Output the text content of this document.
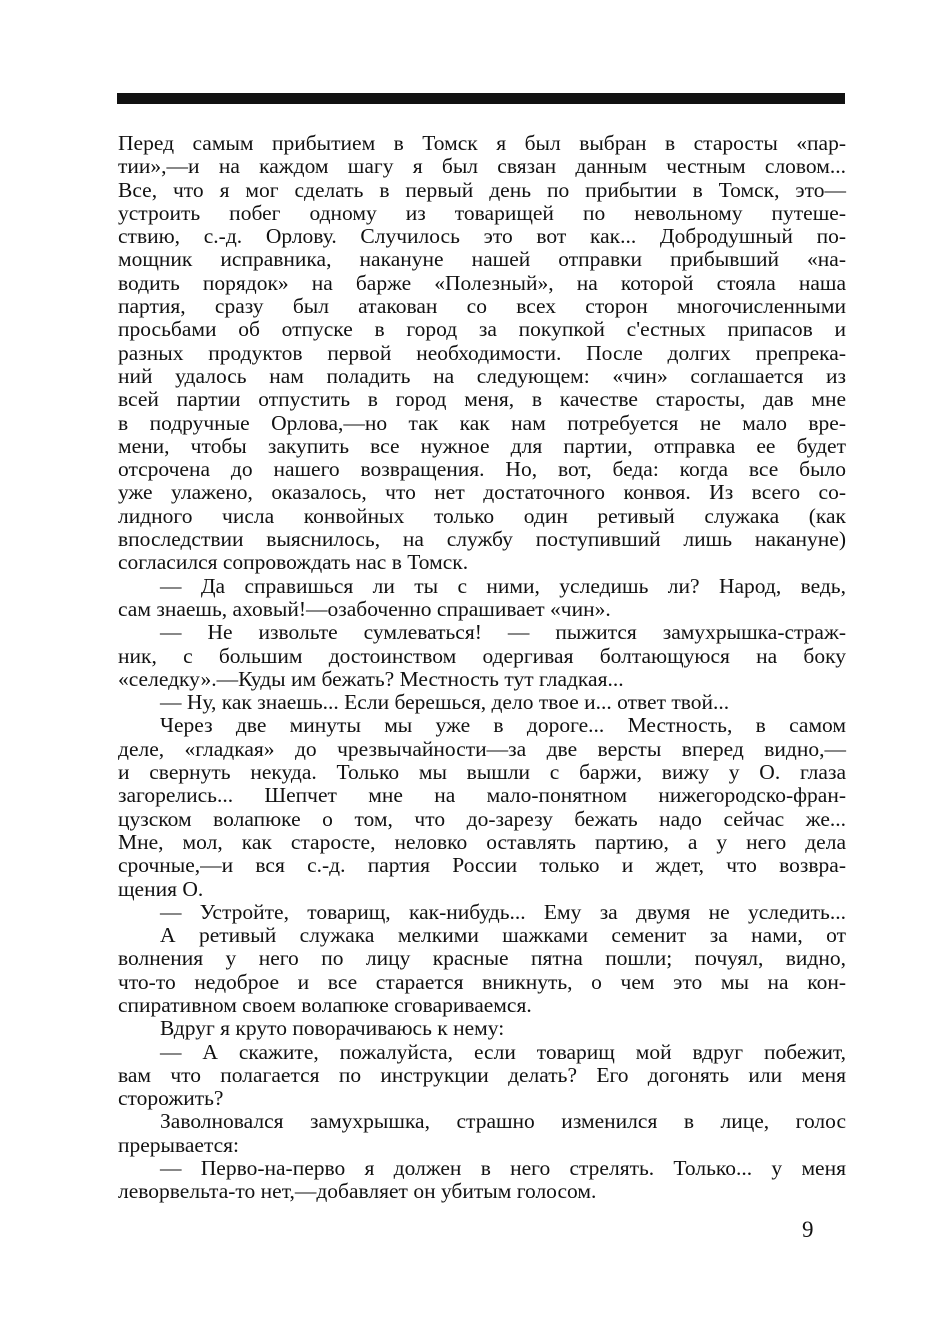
Перед самым прибытием в Томск я был выбран в старосты «пар-
тии»,—и на каждом шагу я был связан данным честным словом...
Все, что я мог сделать в первый день по прибытии в Томск, это—
устроить побег одному из товарищей по невольному путеше-
ствию, с.-д. Орлову. Случилось это вот как... Добродушный по-
мощник исправника, накануне нашей отправки прибывший «на-
водить порядок» на барже «Полезный», на которой стояла наша
партия, сразу был атакован со всех сторон многочисленными
просьбами об отпуске в город за покупкой с'естных припасов и
разных продуктов первой необходимости. После долгих препрека-
ний удалось нам поладить на следующем: «чин» соглашается из
всей партии отпустить в город меня, в качестве старосты, дав мне
в подручные Орлова,—но так как нам потребуется не мало вре-
мени, чтобы закупить все нужное для партии, отправка ее будет
отсрочена до нашего возвращения. Но, вот, беда: когда все было
уже улажено, оказалось, что нет достаточного конвоя. Из всего со-
лидного числа конвойных только один ретивый служака (как
впоследствии выяснилось, на службу поступивший лишь накануне)
согласился сопровождать нас в Томск.
— Да справишься ли ты с ними, уследишь ли? Народ, ведь,
сам знаешь, аховый!—озабоченно спрашивает «чин».
— Не извольте сумлеваться! — пыжится замухрышка-страж-
ник, с большим достоинством одергивая болтающуюся на боку
«селедку».—Куды им бежать? Местность тут гладкая...
— Ну, как знаешь... Если берешься, дело твое и... ответ твой...
Через две минуты мы уже в дороге... Местность, в самом
деле, «гладкая» до чрезвычайности—за две версты вперед видно,—
и свернуть некуда. Только мы вышли с баржи, вижу у О. глаза
загорелись... Шепчет мне на мало-понятном нижегородско-фран-
цузском волапюке о том, что до-зарезу бежать надо сейчас же...
Мне, мол, как старосте, неловко оставлять партию, а у него дела
срочные,—и вся с.-д. партия России только и ждет, что возвра-
щения О.
— Устройте, товарищ, как-нибудь... Ему за двумя не уследить...
А ретивый служака мелкими шажками семенит за нами, от
волнения у него по лицу красные пятна пошли; почуял, видно,
что-то недоброе и все старается вникнуть, о чем это мы на кон-
спиративном своем волапюке сговариваемся.
Вдруг я круто поворачиваюсь к нему:
— А скажите, пожалуйста, если товарищ мой вдруг побежит,
вам что полагается по инструкции делать? Его догонять или меня
сторожить?
Заволновался замухрышка, страшно изменился в лице, голос
прерывается:
— Перво-на-перво я должен в него стрелять. Только... у меня
леворвельта-то нет,—добавляет он убитым голосом.
9
